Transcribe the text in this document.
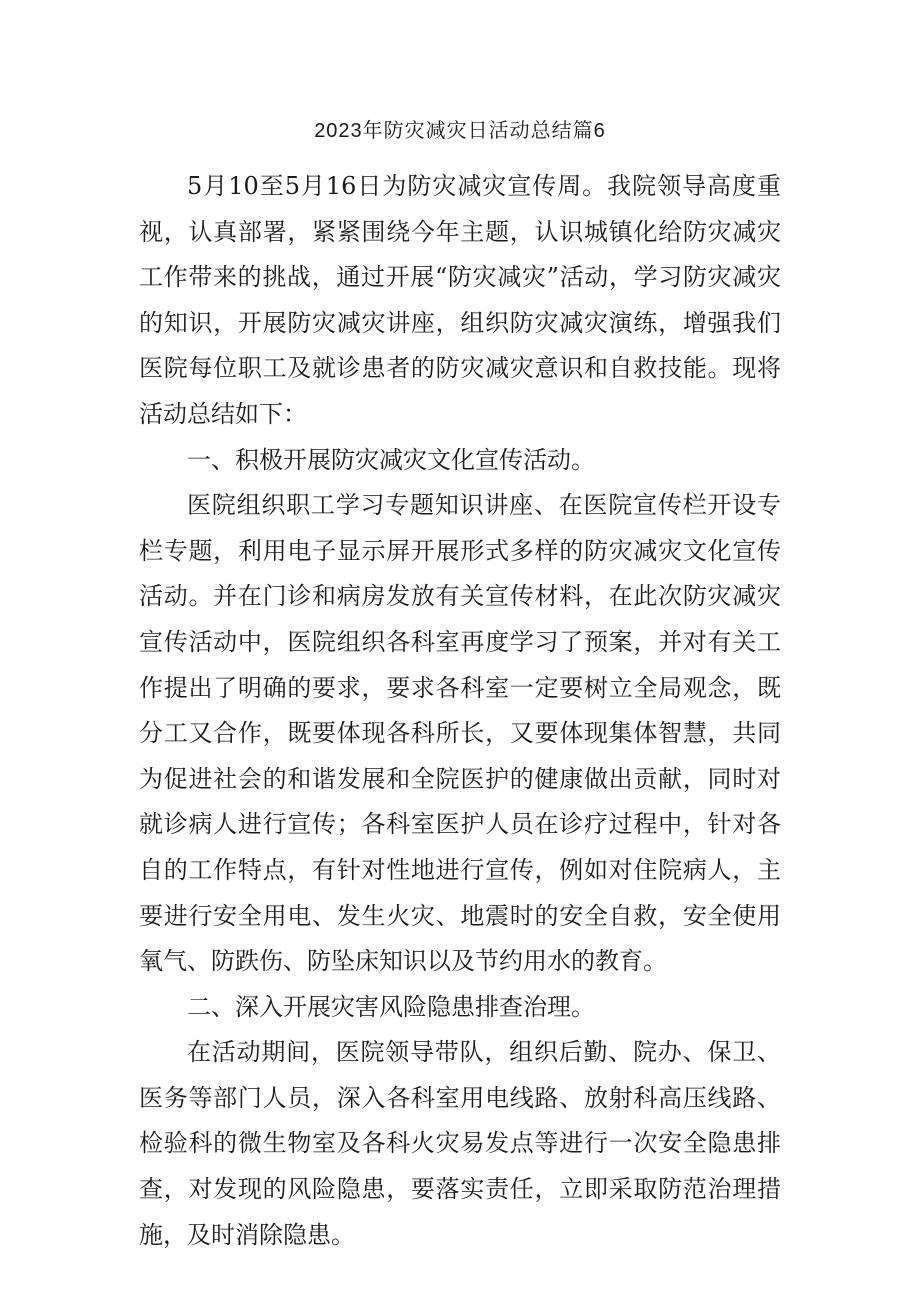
2023年防灾减灾日活动总结篇6

5月10至5月16日为防灾减灾宣传周。我院领导高度重视，认真部署，紧紧围绕今年主题，认识城镇化给防灾减灾工作带来的挑战，通过开展“防灾减灾”活动，学习防灾减灾的知识，开展防灾减灾讲座，组织防灾减灾演练，增强我们医院每位职工及就诊患者的防灾减灾意识和自救技能。现将活动总结如下：

一、积极开展防灾减灾文化宣传活动。

医院组织职工学习专题知识讲座、在医院宣传栏开设专栏专题，利用电子显示屏开展形式多样的防灾减灾文化宣传活动。并在门诊和病房发放有关宣传材料，在此次防灾减灾宣传活动中，医院组织各科室再度学习了预案，并对有关工作提出了明确的要求，要求各科室一定要树立全局观念，既分工又合作，既要体现各科所长，又要体现集体智慧，共同为促进社会的和谐发展和全院医护的健康做出贡献，同时对就诊病人进行宣传；各科室医护人员在诊疗过程中，针对各自的工作特点，有针对性地进行宣传，例如对住院病人，主要进行安全用电、发生火灾、地震时的安全自救，安全使用氧气、防跌伤、防坠床知识以及节约用水的教育。

二、深入开展灾害风险隐患排查治理。

在活动期间，医院领导带队，组织后勤、院办、保卫、医务等部门人员，深入各科室用电线路、放射科高压线路、检验科的微生物室及各科火灾易发点等进行一次安全隐患排查，对发现的风险隐患，要落实责任，立即采取防范治理措施，及时消除隐患。
